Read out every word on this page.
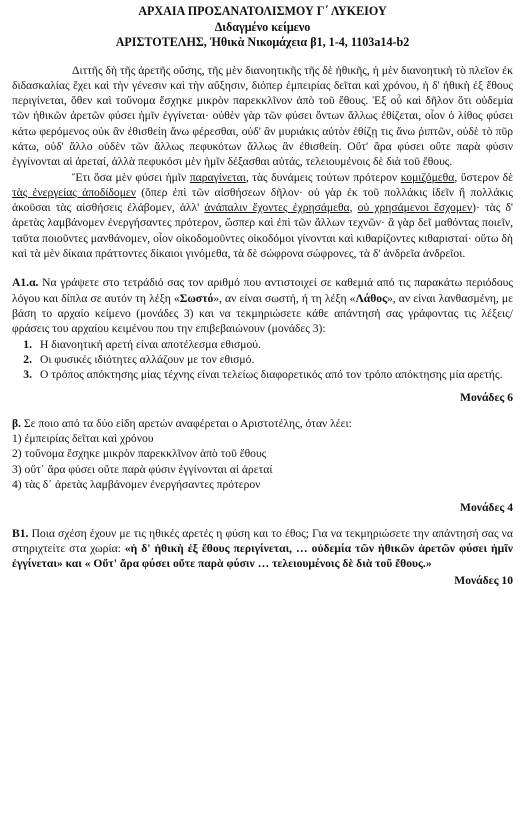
ΑΡΧΑΙΑ ΠΡΟΣΑΝΑΤΟΛΙΣΜΟΥ Γ΄ ΛΥΚΕΙΟΥ
Διδαγμένο κείμενο
ΑΡΙΣΤΟΤΕΛΗΣ, Ἠθικὰ Νικομάχεια β1, 1-4, 1103a14-b2

Διττῆς δὴ τῆς ἀρετῆς οὔσης, τῆς μὲν διανοητικῆς τῆς δὲ ἠθικῆς, ἡ μὲν διανοητικὴ τὸ πλεῖον ἐκ διδασκαλίας ἔχει καὶ τὴν γένεσιν καὶ τὴν αὔξησιν, διόπερ ἐμπειρίας δεῖται καὶ χρόνου, ἡ δ' ἠθικὴ ἐξ ἔθους περιγίνεται, ὅθεν καὶ τοὔνομα ἔσχηκε μικρὸν παρεκκλῖνον ἀπὸ τοῦ ἔθους. Ἐξ οὗ καὶ δῆλον ὅτι οὐδεμία τῶν ἠθικῶν ἀρετῶν φύσει ἡμῖν ἐγγίνεται· οὐθὲν γὰρ τῶν φύσει ὄντων ἄλλως ἐθίζεται, οἷον ὁ λίθος φύσει κάτω φερόμενος οὐκ ἂν ἐθισθείη ἄνω φέρεσθαι, οὐδ' ἂν μυριάκις αὐτὸν ἐθίζῃ τις ἄνω ῥιπτῶν, οὐδὲ τὸ πῦρ κάτω, οὐδ' ἄλλο οὐδὲν τῶν ἄλλως πεφυκότων ἄλλως ἂν ἐθισθείη. Οὔτ' ἄρα φύσει οὔτε παρὰ φύσιν ἐγγίνονται αἱ ἀρεταί, ἀλλὰ πεφυκόσι μὲν ἡμῖν δέξασθαι αὐτάς, τελειουμένοις δὲ διὰ τοῦ ἔθους.

Ἔτι ὅσα μὲν φύσει ἡμῖν παραγίνεται, τὰς δυνάμεις τούτων πρότερον κομιζόμεθα, ὕστερον δὲ τὰς ἐνεργείας ἀποδίδομεν (ὅπερ ἐπὶ τῶν αἰσθήσεων δῆλον· οὐ γὰρ ἐκ τοῦ πολλάκις ἰδεῖν ἢ πολλάκις ἀκοῦσαι τὰς αἰσθήσεις ἐλάβομεν, ἀλλ' ἀνάπαλιν ἔχοντες ἐχρησάμεθα, οὐ χρησάμενοι ἔσχομεν)· τὰς δ' ἀρετὰς λαμβάνομεν ἐνεργήσαντες πρότερον, ὥσπερ καὶ ἐπὶ τῶν ἄλλων τεχνῶν· ἃ γὰρ δεῖ μαθόντας ποιεῖν, ταῦτα ποιοῦντες μανθάνομεν, οἷον οἰκοδομοῦντες οἰκοδόμοι γίνονται καὶ κιθαρίζοντες κιθαρισταί· οὕτω δὴ καὶ τὰ μὲν δίκαια πράττοντες δίκαιοι γινόμεθα, τὰ δὲ σώφρονα σώφρονες, τὰ δ' ἀνδρεῖα ἀνδρεῖοι.

Α1.α. Να γράψετε στο τετράδιό σας τον αριθμό που αντιστοιχεί σε καθεμιά από τις παρακάτω περιόδους λόγου και δίπλα σε αυτόν τη λέξη «Σωστό», αν είναι σωστή, ή τη λέξη «Λάθος», αν είναι λανθασμένη, με βάση το αρχαίο κείμενο (μονάδες 3) και να τεκμηριώσετε κάθε απάντησή σας γράφοντας τις λέξεις/φράσεις του αρχαίου κειμένου που την επιβεβαιώνουν (μονάδες 3):

1. Η διανοητική αρετή είναι αποτέλεσμα εθισμού.
2. Οι φυσικές ιδιότητες αλλάζουν με τον εθισμό.
3. Ο τρόπος απόκτησης μίας τέχνης είναι τελείως διαφορετικός από τον τρόπο απόκτησης μία αρετής.
Μονάδες 6

β. Σε ποιο από τα δύο είδη αρετών αναφέρεται ο Αριστοτέλης, όταν λέει:

1) ἐμπειρίας δεῖται καὶ χρόνου
2) τοὔνομα ἔσχηκε μικρὸν παρεκκλῖνον ἀπὸ τοῦ ἔθους
3) οὔτ᾽ ἄρα φύσει οὔτε παρὰ φύσιν ἐγγίνονται αἱ ἀρεταί
4) τὰς δ᾽ ἀρετὰς λαμβάνομεν ἐνεργήσαντες πρότερον
Μονάδες 4

Β1. Ποια σχέση έχουν με τις ηθικές αρετές η φύση και το έθος; Για να τεκμηριώσετε την απάντησή σας να στηριχτείτε στα χωρία: «ἡ δ' ἠθικὴ ἐξ ἔθους περιγίνεται, … οὐδεμία τῶν ἠθικῶν ἀρετῶν φύσει ἡμῖν ἐγγίνεται» και « Οὔτ' ἄρα φύσει οὔτε παρὰ φύσιν … τελειουμένοις δὲ διὰ τοῦ ἔθους.»

Μονάδες 10
